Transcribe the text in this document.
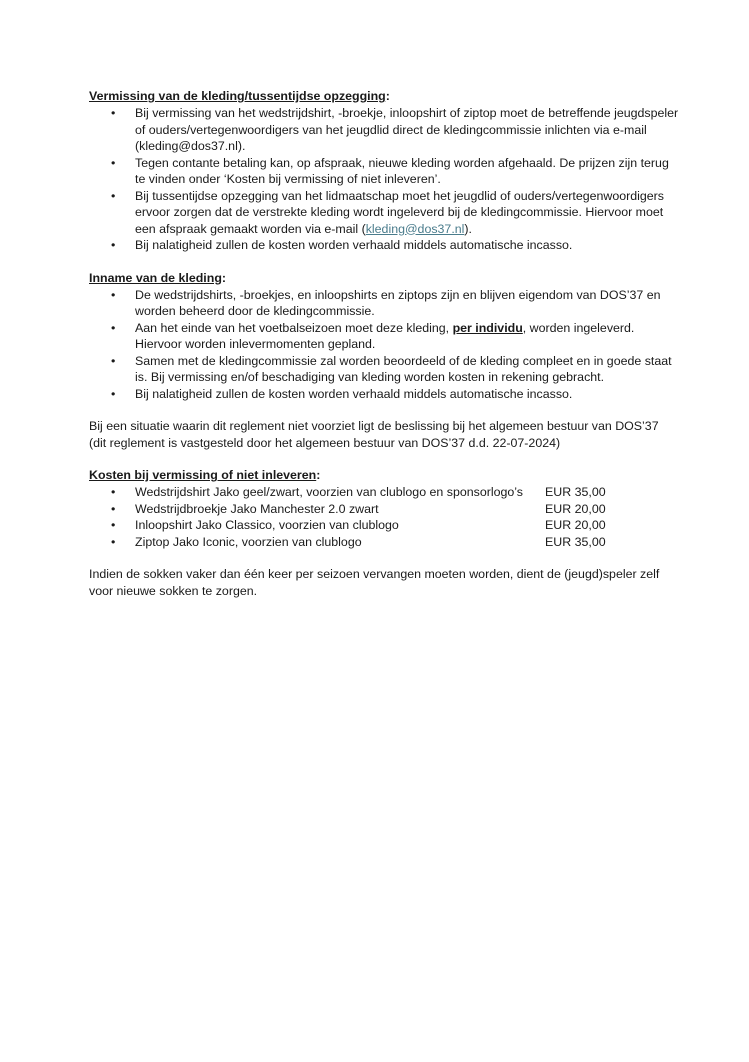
Vermissing van de kleding/tussentijdse opzegging:

• Bij vermissing van het wedstrijdshirt, -broekje, inloopshirt of ziptop moet de betreffende jeugdspeler of ouders/vertegenwoordigers van het jeugdlid direct de kledingcommissie inlichten via e-mail (kleding@dos37.nl).
• Tegen contante betaling kan, op afspraak, nieuwe kleding worden afgehaald. De prijzen zijn terug te vinden onder ‘Kosten bij vermissing of niet inleveren’.
• Bij tussentijdse opzegging van het lidmaatschap moet het jeugdlid of ouders/vertegenwoordigers ervoor zorgen dat de verstrekte kleding wordt ingeleverd bij de kledingcommissie. Hiervoor moet een afspraak gemaakt worden via e-mail (kleding@dos37.nl).
• Bij nalatigheid zullen de kosten worden verhaald middels automatische incasso.

Inname van de kleding:

• De wedstrijdshirts, -broekjes, en inloopshirts en ziptops zijn en blijven eigendom van DOS’37 en worden beheerd door de kledingcommissie.
• Aan het einde van het voetbalseizoen moet deze kleding, per individu, worden ingeleverd. Hiervoor worden inlevermomenten gepland.
• Samen met de kledingcommissie zal worden beoordeeld of de kleding compleet en in goede staat is. Bij vermissing en/of beschadiging van kleding worden kosten in rekening gebracht.
• Bij nalatigheid zullen de kosten worden verhaald middels automatische incasso.

Bij een situatie waarin dit reglement niet voorziet ligt de beslissing bij het algemeen bestuur van DOS’37 (dit reglement is vastgesteld door het algemeen bestuur van DOS’37 d.d. 22-07-2024)

Kosten bij vermissing of niet inleveren:

• Wedstrijdshirt Jako geel/zwart, voorzien van clublogo en sponsorlogo’s	EUR 35,00
• Wedstrijdbroekje Jako Manchester 2.0 zwart	EUR 20,00
• Inloopshirt Jako Classico, voorzien van clublogo	EUR 20,00
• Ziptop Jako Iconic, voorzien van clublogo	EUR 35,00

Indien de sokken vaker dan één keer per seizoen vervangen moeten worden, dient de (jeugd)speler zelf voor nieuwe sokken te zorgen.
